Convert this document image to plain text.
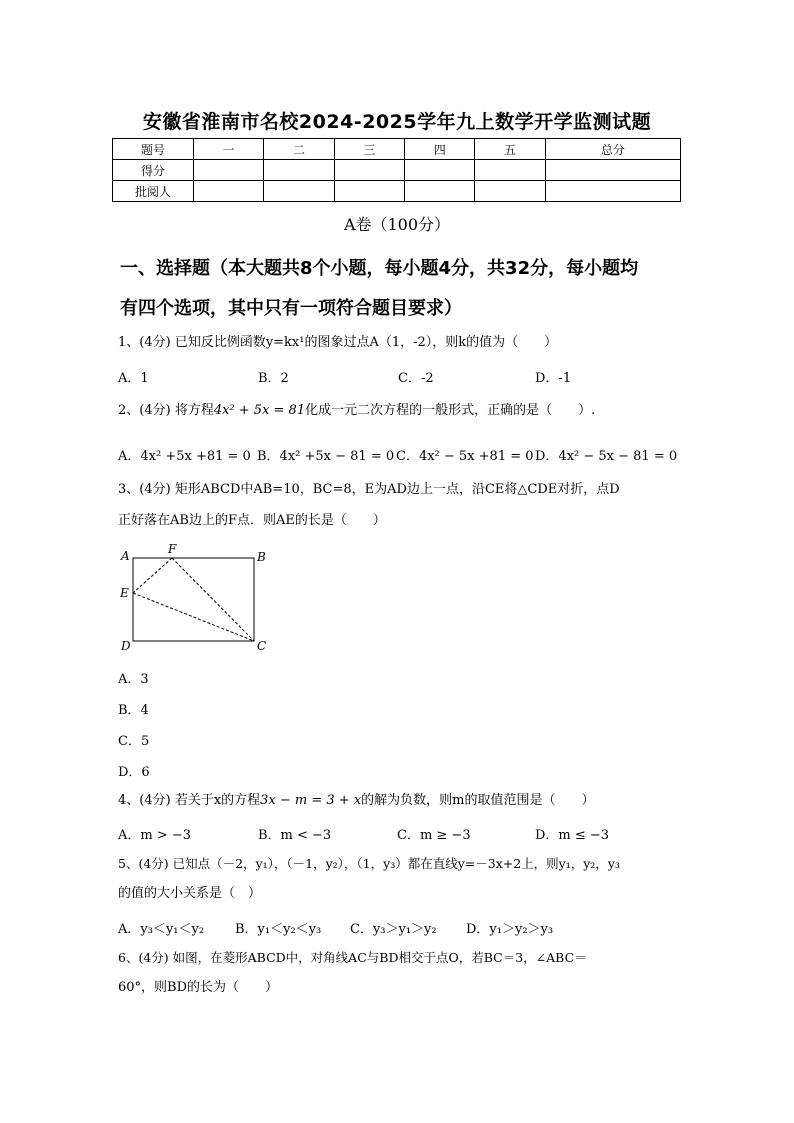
安徽省淮南市名校2024-2025学年九上数学开学监测试题
题号	一	二	三	四	五	总分
得分						
批阅人						
A卷（100分）
一、选择题（本大题共8个小题，每小题4分，共32分，每小题均
有四个选项，其中只有一项符合题目要求）
1、(4分) 已知反比例函数y=kx¹的图象过点A（1，-2），则k的值为（　　）
A．1	B．2	C．-2	D．-1
2、(4分) 将方程4x² + 5x = 81化成一元二次方程的一般形式，正确的是（　　）.
A．4x² +5x +81 = 0 B．4x² +5x − 81 = 0 C．4x² − 5x +81 = 0 D．4x² − 5x − 81 = 0
3、(4分) 矩形ABCD中AB=10，BC=8，E为AD边上一点，沿CE将△CDE对折，点D
正好落在AB边上的F点．则AE的长是（　　）
A	F
B
E
D	C
A．3
B．4
C．5
D．6
4、(4分) 若关于x的方程3x − m = 3 + x的解为负数，则m的取值范围是（　　）
A．m > −3	B．m < −3	C．m ≥ −3	D．m ≤ −3
5、(4分) 已知点（－2，y₁），（－1，y₂），（1，y₃）都在直线y=－3x+2上，则y₁，y₂，y₃
的值的大小关系是（　）
A．y₃＜y₁＜y₂ B．y₁＜y₂＜y₃ C．y₃＞y₁＞y₂ D．y₁＞y₂＞y₃
6、(4分) 如图，在菱形ABCD中，对角线AC与BD相交于点O，若BC＝3，∠ABC＝
60°，则BD的长为（　　）
